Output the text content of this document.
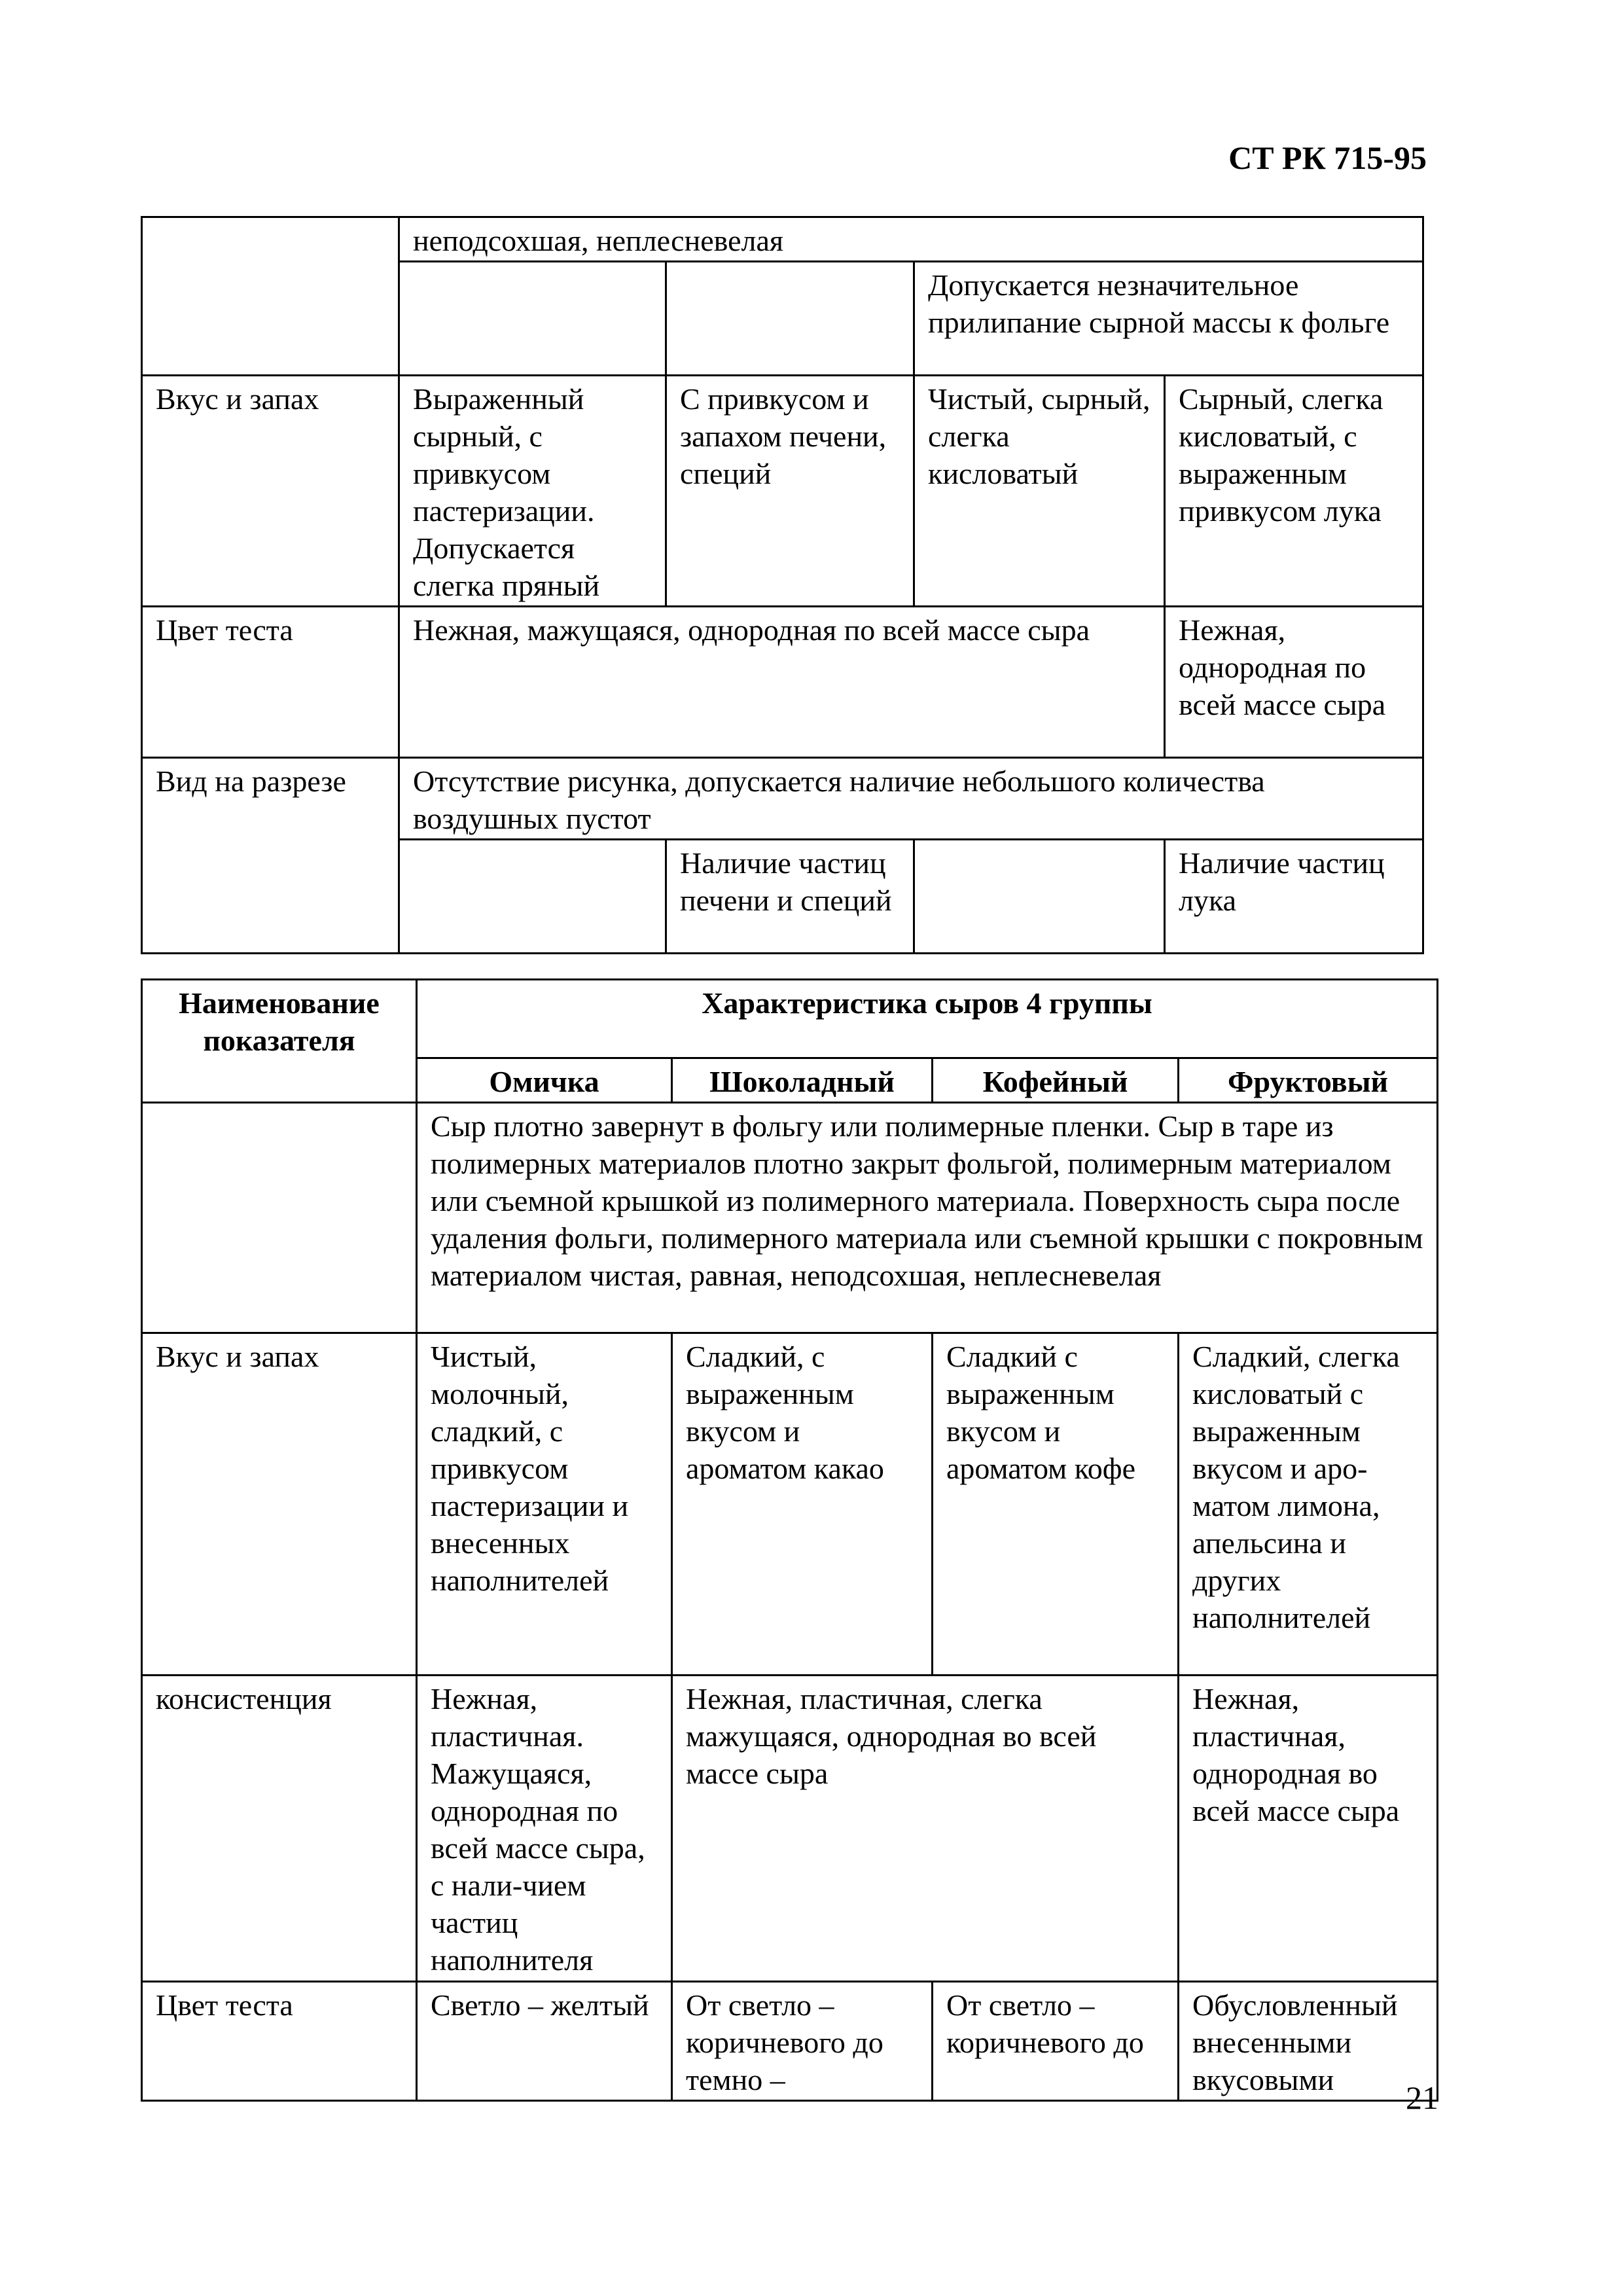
СТ РК 715-95
	неподсохшая, неплесневелая			
			Допускается незначительное прилипание сырной массы к фольге	
Вкус и запах	Выраженный сырный, с привкусом пастеризации. Допускается слегка пряный	С привкусом и запахом печени, специй	Чистый, сырный, слегка кисловатый	Сырный, слегка кисловатый, с выраженным привкусом лука
Цвет теста	Нежная, мажущаяся, однородная по всей массе сыра			Нежная, однородная по всей массе сыра
Вид на разрезе	Отсутствие рисунка, допускается наличие небольшого количества воздушных пустот			
		Наличие частиц печени и специй		Наличие частиц лука
Наименование показателя	Характеристика сыров 4 группы			
	Омичка	Шоколадный	Кофейный	Фруктовый
	Сыр плотно завернут в фольгу или полимерные пленки. Сыр в таре из полимерных материалов плотно закрыт фольгой, полимерным материалом или съемной крышкой из полимерного материала. Поверхность сыра после удаления фольги, полимерного материала или съемной крышки с покровным материалом чистая, равная, неподсохшая, неплесневелая			
Вкус и запах	Чистый, молочный, сладкий, с привкусом пастеризации и внесенных наполнителей	Сладкий, с выраженным вкусом и ароматом какао	Сладкий с выраженным вкусом и ароматом кофе	Сладкий, слегка кисловатый с выраженным вкусом и аро-матом лимона, апельсина и других наполнителей
консистенция	Нежная, пластичная. Мажущаяся, однородная по всей массе сыра, с нали-чием частиц наполнителя	Нежная, пластичная, слегка мажущаяся, однородная во всей массе сыра		Нежная, пластичная, однородная во всей массе сыра
Цвет теста	Светло – желтый	От светло – коричневого до темно –	От светло – коричневого до	Обусловленный внесенными вкусовыми 21
